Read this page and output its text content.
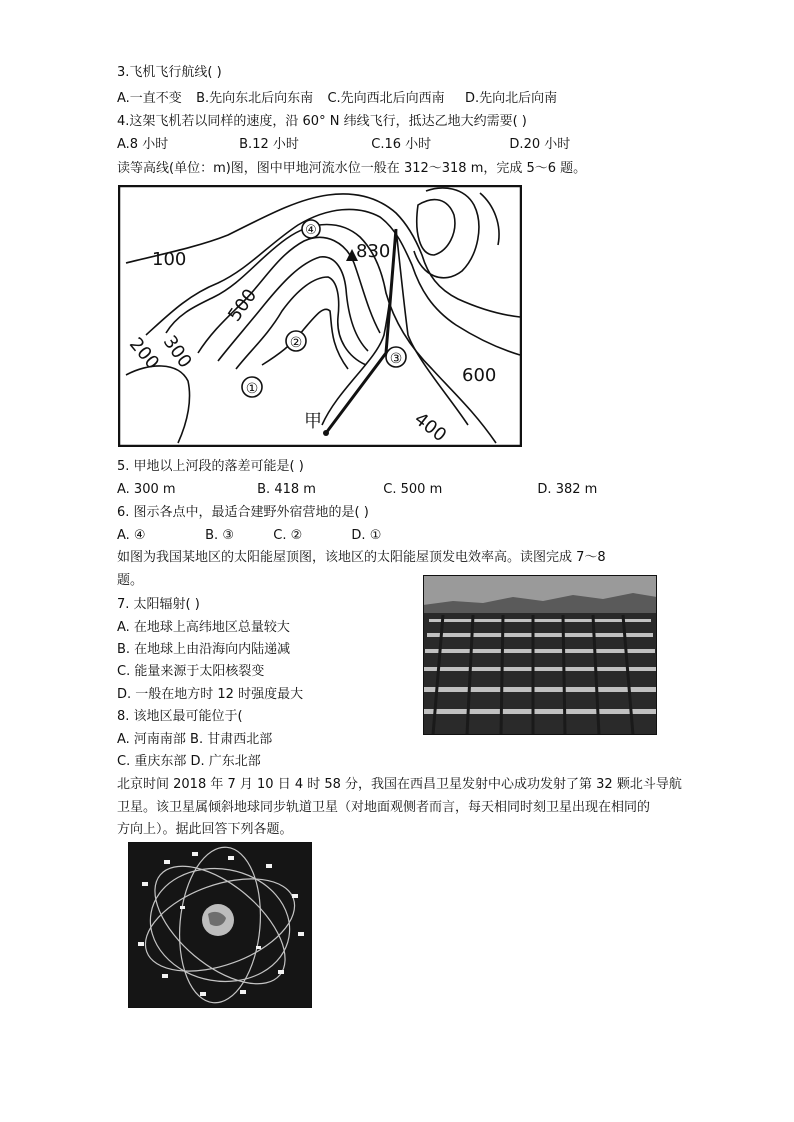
3.飞机飞行航线( )
A.一直不变 B.先向东北后向东南 C.先向西北后向西南 D.先向北后向南
4.这架飞机若以同样的速度，沿 60° N 纬线飞行，抵达乙地大约需要( )
A.8 小时	B.12 小时	C.16 小时	D.20 小时
读等高线(单位：m)图，图中甲地河流水位一般在 312～318 m，完成 5～6 题。
④
②
③
①
100
200
300
500
600
400
830
甲
5. 甲地以上河段的落差可能是( )
A. 300 m	B. 418 m	C. 500 m	D. 382 m
6. 图示各点中，最适合建野外宿营地的是( )
A. ④	B. ③	C. ②	D. ①
如图为我国某地区的太阳能屋顶图，该地区的太阳能屋顶发电效率高。读图完成 7～8
题。
7. 太阳辐射( )
A. 在地球上高纬地区总量较大
B. 在地球上由沿海向内陆递减
C. 能量来源于太阳核裂变
D. 一般在地方时 12 时强度最大
8. 该地区最可能位于(
A. 河南南部 B. 甘肃西北部
C. 重庆东部 D. 广东北部
北京时间 2018 年 7 月 10 日 4 时 58 分，我国在西昌卫星发射中心成功发射了第 32 颗北斗导航
卫星。该卫星属倾斜地球同步轨道卫星（对地面观侧者而言，每天相同时刻卫星出现在相同的
方向上）。据此回答下列各题。
